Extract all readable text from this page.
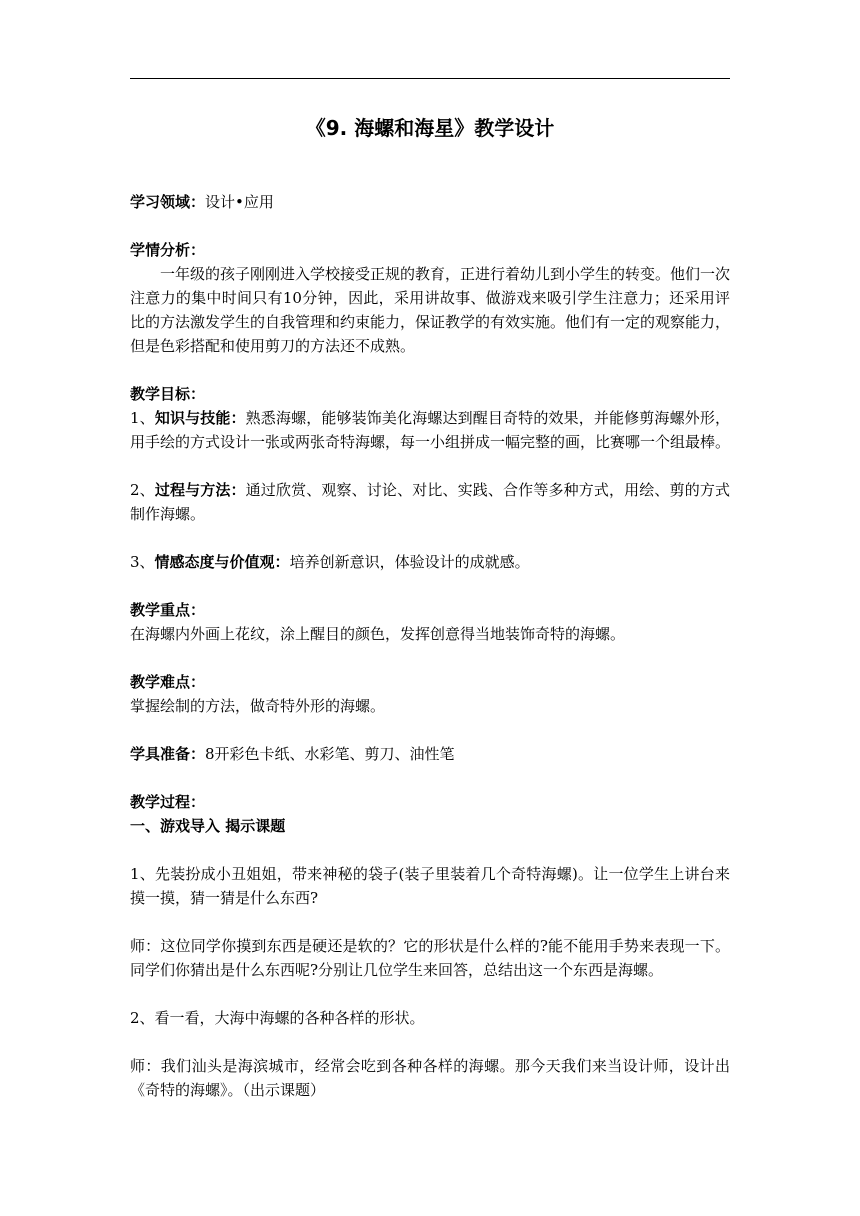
《9. 海螺和海星》教学设计

学习领域：设计•应用

学情分析：

一年级的孩子刚刚进入学校接受正规的教育，正进行着幼儿到小学生的转变。他们一次注意力的集中时间只有10分钟，因此，采用讲故事、做游戏来吸引学生注意力；还采用评比的方法激发学生的自我管理和约束能力，保证教学的有效实施。他们有一定的观察能力，但是色彩搭配和使用剪刀的方法还不成熟。

教学目标：

1、知识与技能：熟悉海螺，能够装饰美化海螺达到醒目奇特的效果，并能修剪海螺外形，用手绘的方式设计一张或两张奇特海螺，每一小组拼成一幅完整的画，比赛哪一个组最棒。

2、过程与方法：通过欣赏、观察、讨论、对比、实践、合作等多种方式，用绘、剪的方式制作海螺。

3、情感态度与价值观：培养创新意识，体验设计的成就感。

教学重点：

在海螺内外画上花纹，涂上醒目的颜色，发挥创意得当地装饰奇特的海螺。

教学难点：

掌握绘制的方法，做奇特外形的海螺。

学具准备：8开彩色卡纸、水彩笔、剪刀、油性笔

教学过程：

一、游戏导入 揭示课题

1、先装扮成小丑姐姐，带来神秘的袋子(装子里装着几个奇特海螺)。让一位学生上讲台来摸一摸，猜一猜是什么东西?

师：这位同学你摸到东西是硬还是软的？它的形状是什么样的?能不能用手势来表现一下。同学们你猜出是什么东西呢?分别让几位学生来回答，总结出这一个东西是海螺。

2、看一看，大海中海螺的各种各样的形状。

师：我们汕头是海滨城市，经常会吃到各种各样的海螺。那今天我们来当设计师，设计出《奇特的海螺》。（出示课题）
